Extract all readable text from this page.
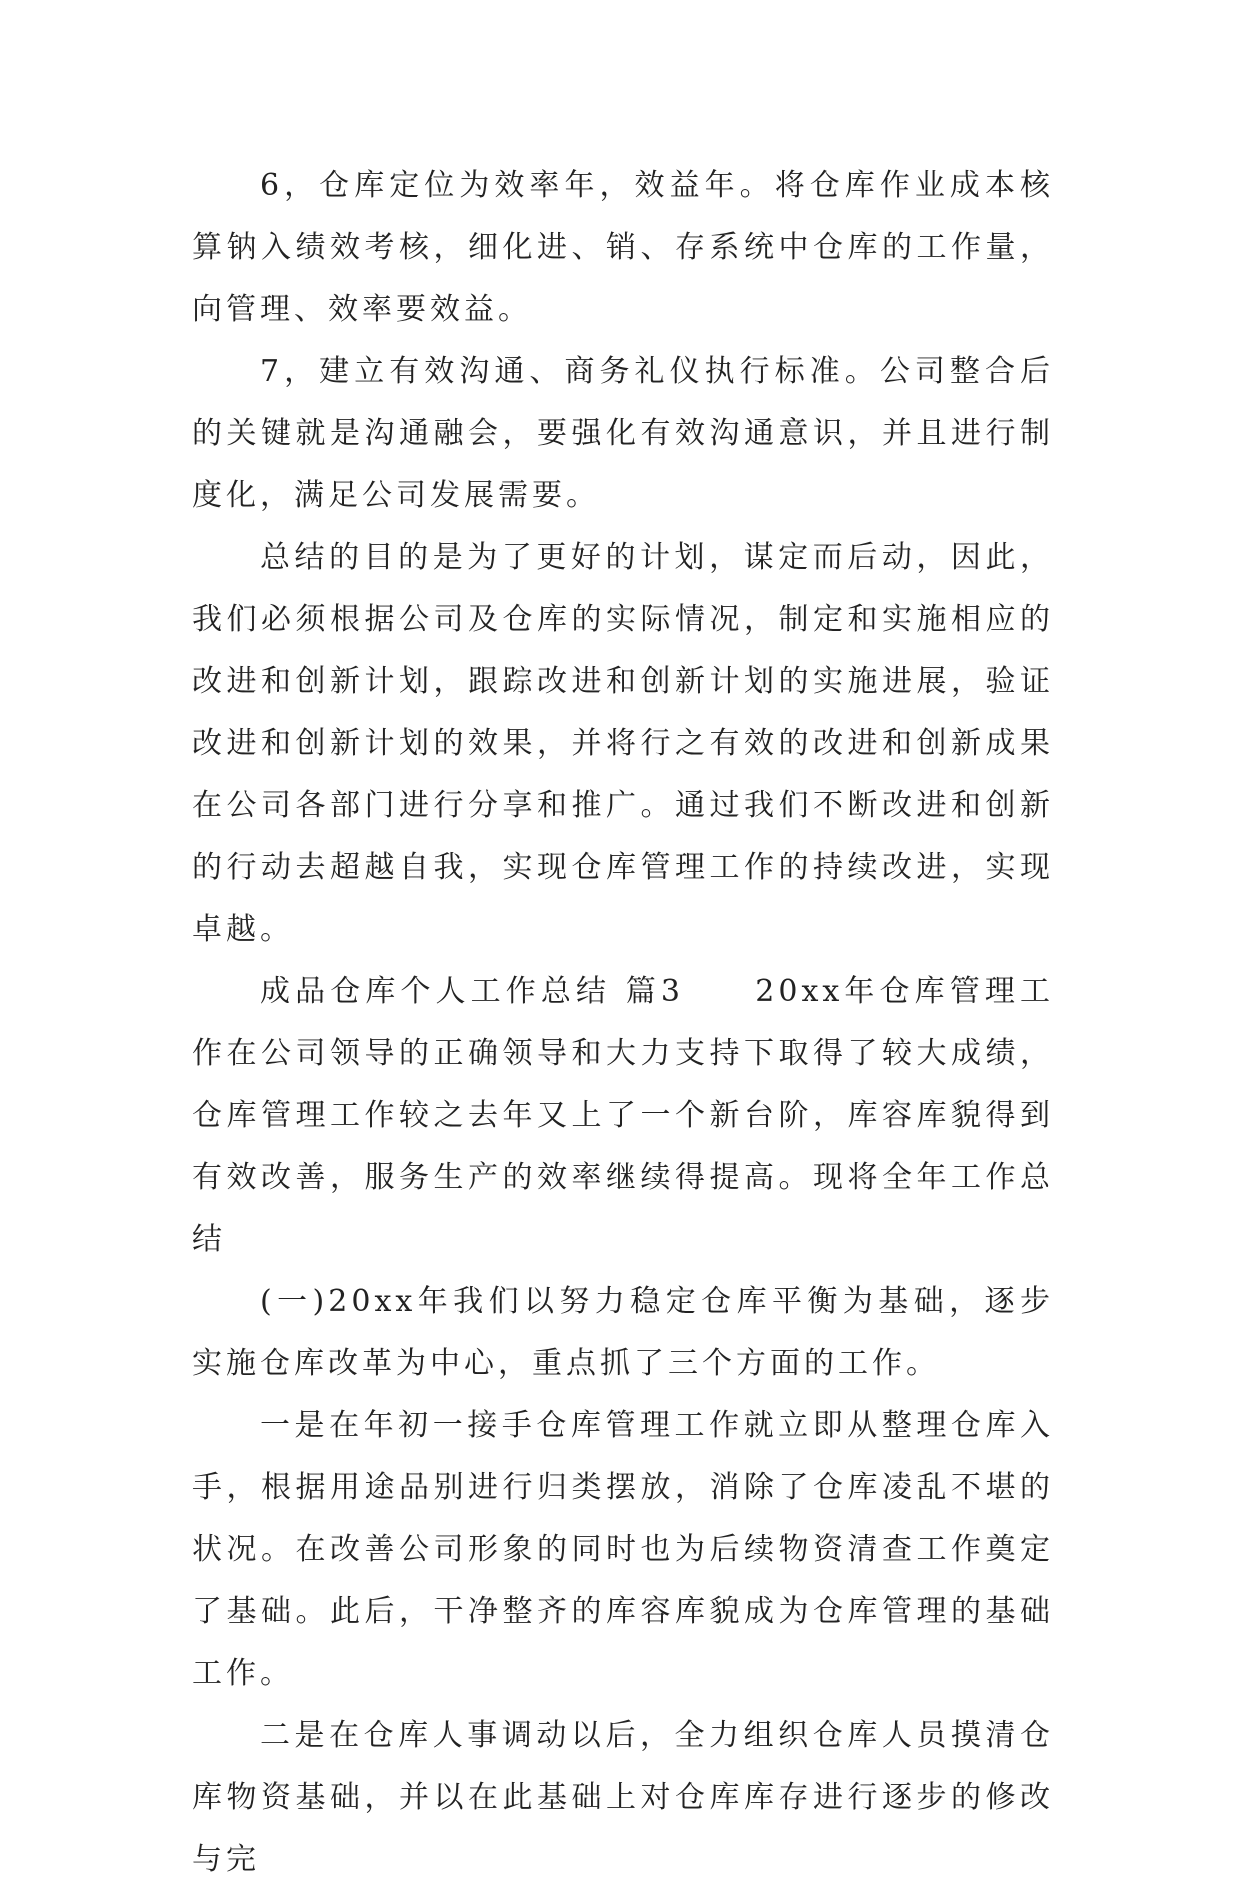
6，仓库定位为效率年，效益年。将仓库作业成本核算钠入绩效考核，细化进、销、存系统中仓库的工作量，向管理、效率要效益。

7，建立有效沟通、商务礼仪执行标准。公司整合后的关键就是沟通融会，要强化有效沟通意识，并且进行制度化，满足公司发展需要。

总结的目的是为了更好的计划，谋定而后动，因此，我们必须根据公司及仓库的实际情况，制定和实施相应的改进和创新计划，跟踪改进和创新计划的实施进展，验证改进和创新计划的效果，并将行之有效的改进和创新成果在公司各部门进行分享和推广。通过我们不断改进和创新的行动去超越自我，实现仓库管理工作的持续改进，实现卓越。

成品仓库个人工作总结 篇3　　20xx年仓库管理工作在公司领导的正确领导和大力支持下取得了较大成绩，仓库管理工作较之去年又上了一个新台阶，库容库貌得到有效改善，服务生产的效率继续得提高。现将全年工作总结

(一)20xx年我们以努力稳定仓库平衡为基础，逐步实施仓库改革为中心，重点抓了三个方面的工作。

一是在年初一接手仓库管理工作就立即从整理仓库入手，根据用途品别进行归类摆放，消除了仓库凌乱不堪的状况。在改善公司形象的同时也为后续物资清查工作奠定了基础。此后，干净整齐的库容库貌成为仓库管理的基础工作。

二是在仓库人事调动以后，全力组织仓库人员摸清仓库物资基础，并以在此基础上对仓库库存进行逐步的修改与完
